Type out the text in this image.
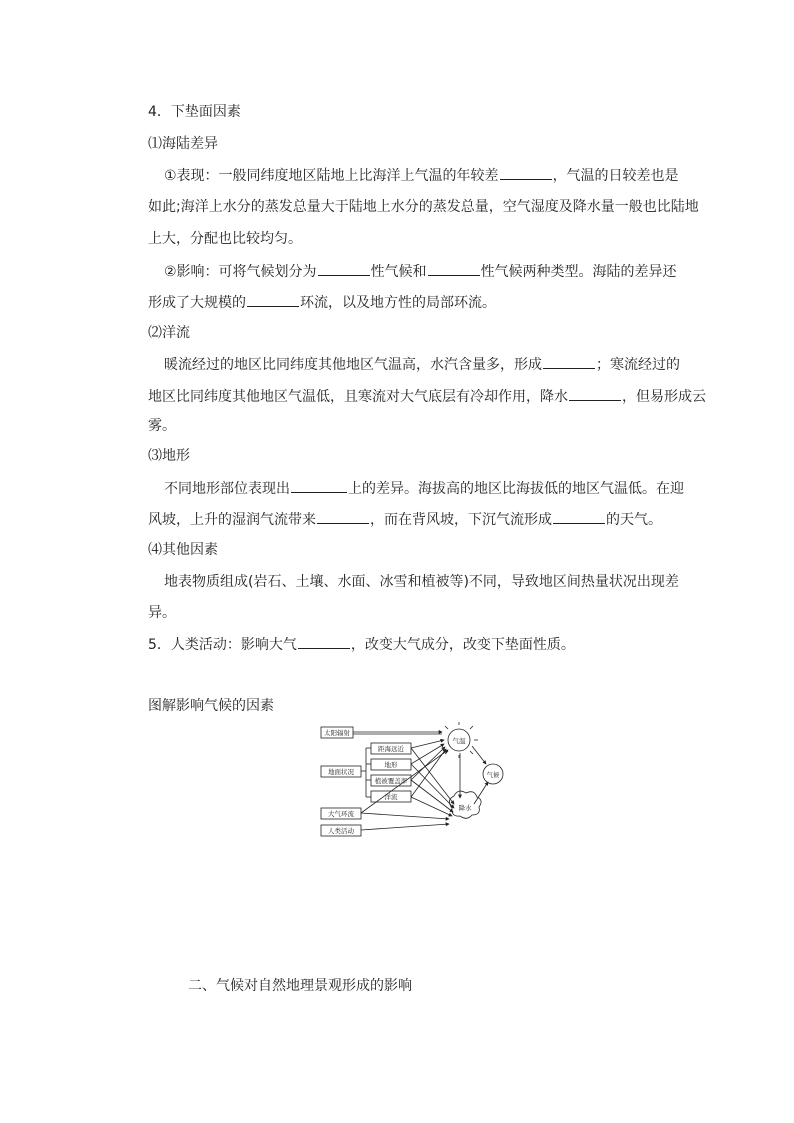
4．下垫面因素
⑴海陆差异
①表现：一般同纬度地区陆地上比海洋上气温的年较差	，气温的日较差也是
如此;海洋上水分的蒸发总量大于陆地上水分的蒸发总量，空气湿度及降水量一般也比陆地
上大，分配也比较均匀。
②影响：可将气候划分为	性气候和	性气候两种类型。海陆的差异还
形成了大规模的	环流，以及地方性的局部环流。
⑵洋流
暖流经过的地区比同纬度其他地区气温高，水汽含量多，形成	；寒流经过的
地区比同纬度其他地区气温低，且寒流对大气底层有冷却作用，降水	，但易形成云
雾。
⑶地形
不同地形部位表现出	上的差异。海拔高的地区比海拔低的地区气温低。在迎
风坡，上升的湿润气流带来	，而在背风坡，下沉气流形成	的天气。
⑷其他因素
地表物质组成(岩石、土壤、水面、冰雪和植被等)不同，导致地区间热量状况出现差
异。
5．人类活动：影响大气	，改变大气成分，改变下垫面性质。
图解影响气候的因素
太阳辐射
地面状况
距海远近
地形
植被覆盖率
洋流
大气环流
人类活动
气温
降水
气候
二、气候对自然地理景观形成的影响
